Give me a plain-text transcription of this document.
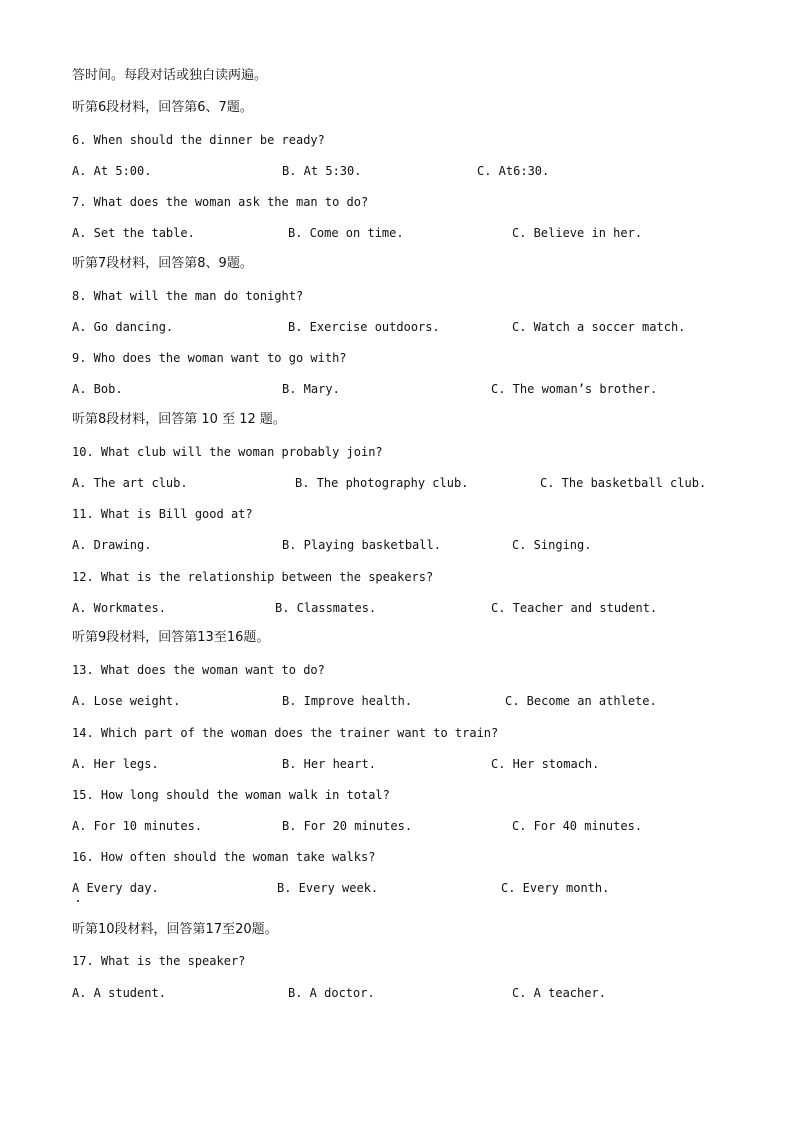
答时间。每段对话或独白读两遍。
听第6段材料，回答第6、7题。
6. When should the dinner be ready?
A. At 5:00.	B. At 5:30.	C. At6:30.
7. What does the woman ask the man to do?
A. Set the table.	B. Come on time.	C. Believe in her.
听第7段材料，回答第8、9题。
8. What will the man do tonight?
A. Go dancing.	B. Exercise outdoors.	C. Watch a soccer match.
9. Who does the woman want to go with?
A. Bob.	B. Mary.	C. The woman’s brother.
听第8段材料，回答第 10 至 12 题。
10. What club will the woman probably join?
A. The art club.	B. The photography club.	C. The basketball club.
11. What is Bill good at?
A. Drawing.	B. Playing basketball.	C. Singing.
12. What is the relationship between the speakers?
A. Workmates.	B. Classmates.	C. Teacher and student.
听第9段材料，回答第13至16题。
13. What does the woman want to do?
A. Lose weight.	B. Improve health.	C. Become an athlete.
14. Which part of the woman does the trainer want to train?
A. Her legs.	B. Her heart.	C. Her stomach.
15. How long should the woman walk in total?
A. For 10 minutes.	B. For 20 minutes.	C. For 40 minutes.
16. How often should the woman take walks?
A Every day.	B. Every week.	C. Every month.
听第10段材料，回答第17至20题。
17. What is the speaker?
A. A student.	B. A doctor.	C. A teacher.
